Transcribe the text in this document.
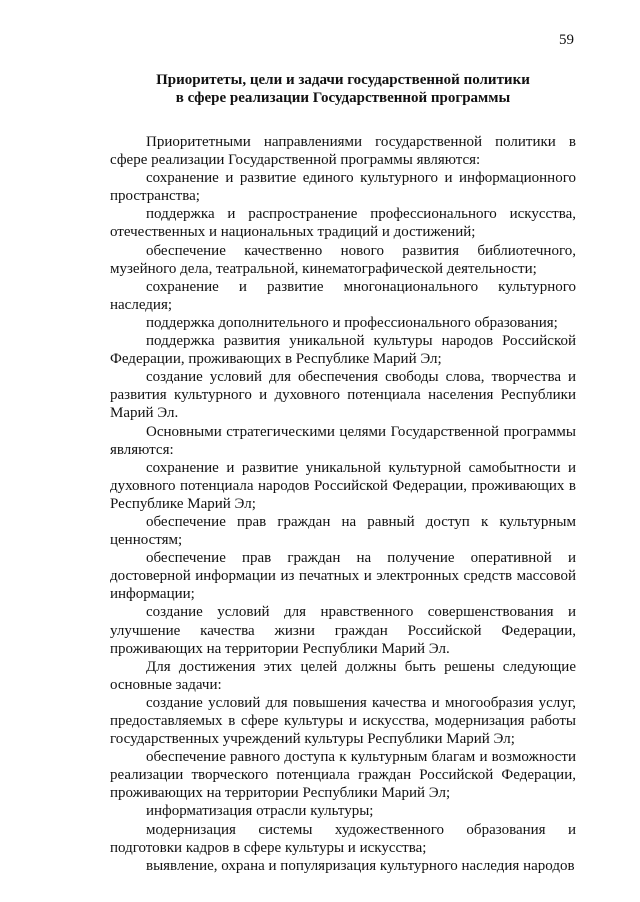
59
Приоритеты, цели и задачи государственной политики
в сфере реализации Государственной программы

Приоритетными направлениями государственной политики в сфере реализации Государственной программы являются:

сохранение и развитие единого культурного и информационного пространства;

поддержка и распространение профессионального искусства, отечественных и национальных традиций и достижений;

обеспечение качественно нового развития библиотечного, музейного дела, театральной, кинематографической деятельности;

сохранение и развитие многонационального культурного наследия;

поддержка дополнительного и профессионального образования;

поддержка развития уникальной культуры народов Российской Федерации, проживающих в Республике Марий Эл;

создание условий для обеспечения свободы слова, творчества и развития культурного и духовного потенциала населения Республики Марий Эл.

Основными стратегическими целями Государственной программы являются:

сохранение и развитие уникальной культурной самобытности и духовного потенциала народов Российской Федерации, проживающих в Республике Марий Эл;

обеспечение прав граждан на равный доступ к культурным ценностям;

обеспечение прав граждан на получение оперативной и достоверной информации из печатных и электронных средств массовой информации;

создание условий для нравственного совершенствования и улучшение качества жизни граждан Российской Федерации, проживающих на территории Республики Марий Эл.

Для достижения этих целей должны быть решены следующие основные задачи:

создание условий для повышения качества и многообразия услуг, предоставляемых в сфере культуры и искусства, модернизация работы государственных учреждений культуры Республики Марий Эл;

обеспечение равного доступа к культурным благам и возможности реализации творческого потенциала граждан Российской Федерации, проживающих на территории Республики Марий Эл;

информатизация отрасли культуры;

модернизация системы художественного образования и подготовки кадров в сфере культуры и искусства;

выявление, охрана и популяризация культурного наследия народов
